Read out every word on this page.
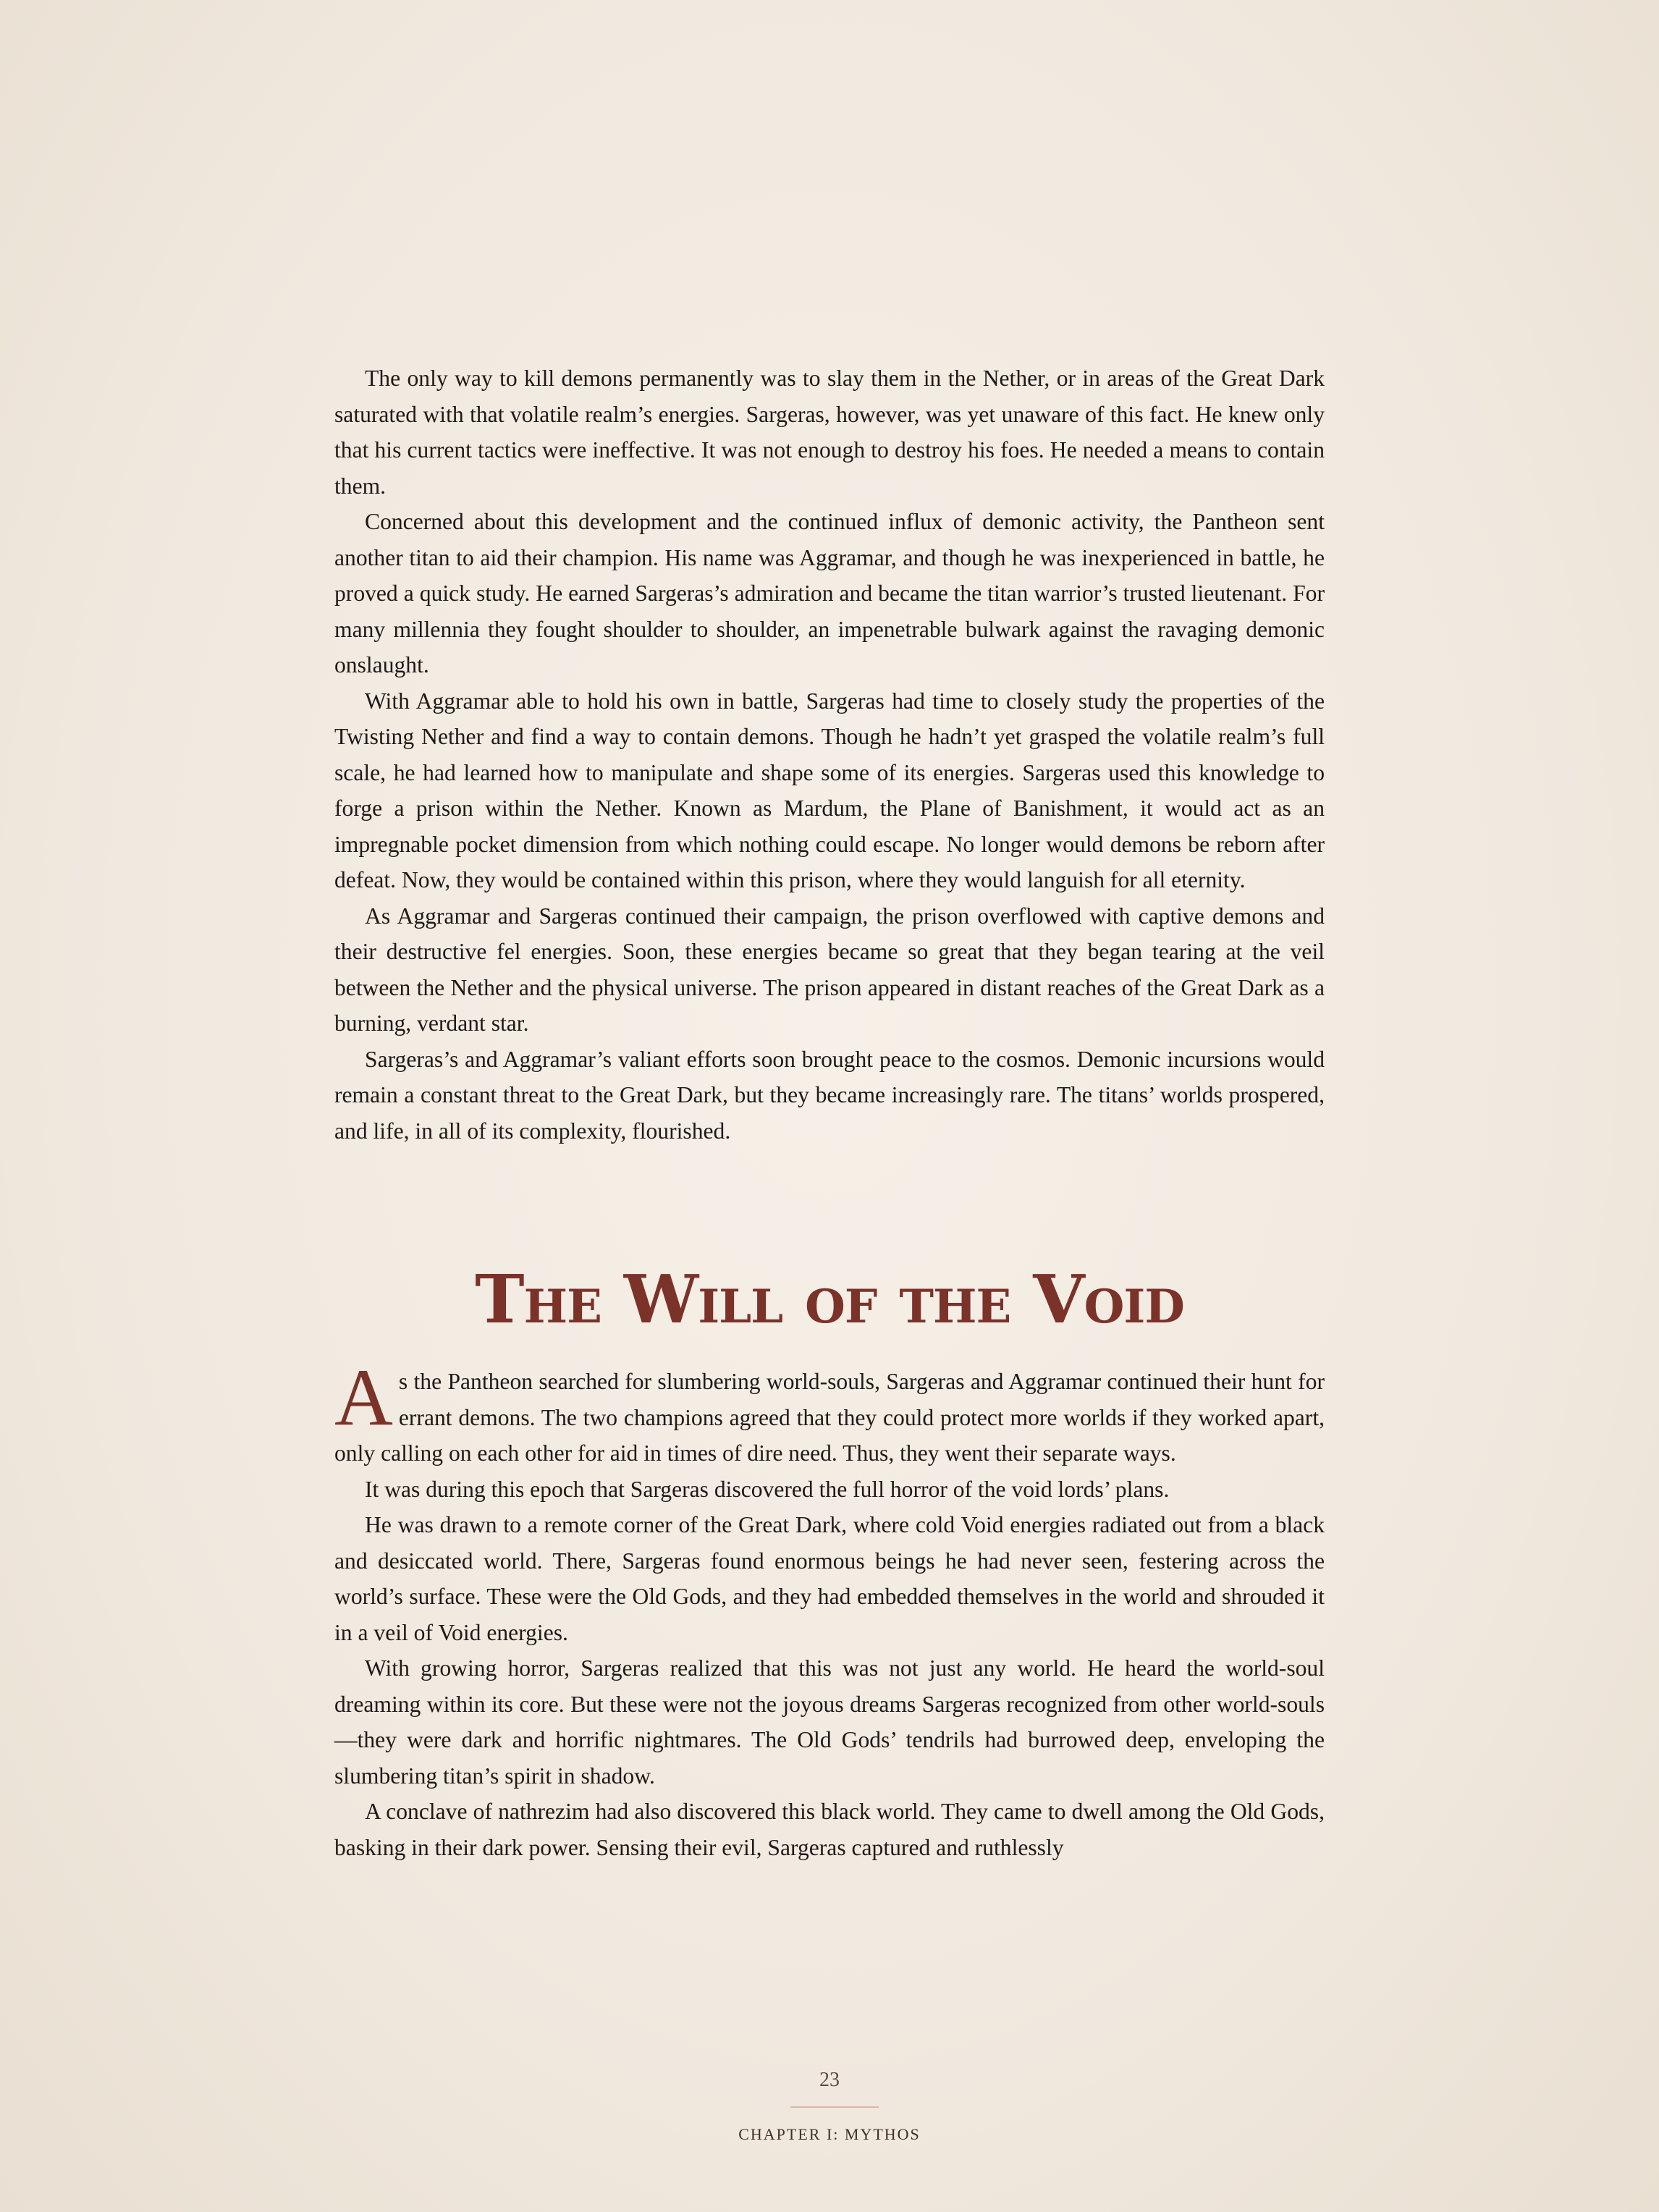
The only way to kill demons permanently was to slay them in the Nether, or in areas of the Great Dark saturated with that volatile realm’s energies. Sargeras, however, was yet unaware of this fact. He knew only that his current tactics were ineffective. It was not enough to destroy his foes. He needed a means to contain them.

Concerned about this development and the continued influx of demonic activity, the Pantheon sent another titan to aid their champion. His name was Aggramar, and though he was inexperienced in battle, he proved a quick study. He earned Sargeras’s admiration and became the titan warrior’s trusted lieutenant. For many millennia they fought shoulder to shoulder, an impenetrable bulwark against the ravaging demonic onslaught.

With Aggramar able to hold his own in battle, Sargeras had time to closely study the properties of the Twisting Nether and find a way to contain demons. Though he hadn’t yet grasped the volatile realm’s full scale, he had learned how to manipulate and shape some of its energies. Sargeras used this knowledge to forge a prison within the Nether. Known as Mardum, the Plane of Banishment, it would act as an impregnable pocket dimension from which nothing could escape. No longer would demons be reborn after defeat. Now, they would be contained within this prison, where they would languish for all eternity.

As Aggramar and Sargeras continued their campaign, the prison overflowed with captive demons and their destructive fel energies. Soon, these energies became so great that they began tearing at the veil between the Nether and the physical universe. The prison appeared in distant reaches of the Great Dark as a burning, verdant star.

Sargeras’s and Aggramar’s valiant efforts soon brought peace to the cosmos. Demonic incursions would remain a constant threat to the Great Dark, but they became increasingly rare. The titans’ worlds prospered, and life, in all of its complexity, flourished.

The Will of the Void

As the Pantheon searched for slumbering world-souls, Sargeras and Aggramar continued their hunt for errant demons. The two champions agreed that they could protect more worlds if they worked apart, only calling on each other for aid in times of dire need. Thus, they went their separate ways.

It was during this epoch that Sargeras discovered the full horror of the void lords’ plans.

He was drawn to a remote corner of the Great Dark, where cold Void energies radiated out from a black and desiccated world. There, Sargeras found enormous beings he had never seen, festering across the world’s surface. These were the Old Gods, and they had embedded themselves in the world and shrouded it in a veil of Void energies.

With growing horror, Sargeras realized that this was not just any world. He heard the world-soul dreaming within its core. But these were not the joyous dreams Sargeras recognized from other world-souls—they were dark and horrific nightmares. The Old Gods’ tendrils had burrowed deep, enveloping the slumbering titan’s spirit in shadow.

A conclave of nathrezim had also discovered this black world. They came to dwell among the Old Gods, basking in their dark power. Sensing their evil, Sargeras captured and ruthlessly

23

CHAPTER I: MYTHOS
